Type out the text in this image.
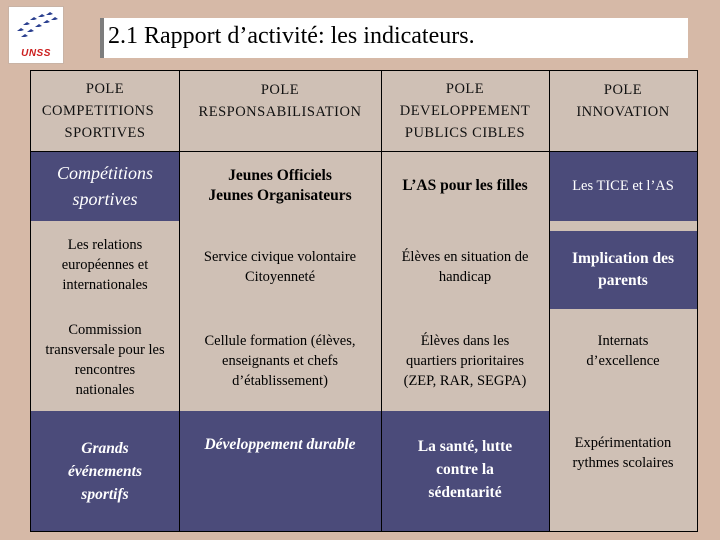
UNSS
2.1 Rapport d’activité: les indicateurs.
POLE
COMPETITIONS
SPORTIVES
POLE
RESPONSABILISATION
POLE
DEVELOPPEMENT
PUBLICS CIBLES
POLE
INNOVATION
Compétitions
sportives
Jeunes Officiels
Jeunes Organisateurs
L’AS pour les filles	Les TICE et l’AS
Les relations
européennes et
internationales
Service civique volontaire
Citoyenneté
Élèves en situation de
handicap
Implication des
parents
Commission
transversale pour les
rencontres
nationales
Cellule formation (élèves,
enseignants et chefs
d’établissement)
Élèves dans les
quartiers prioritaires
(ZEP, RAR, SEGPA)
Internats
d’excellence
Grands
événements
sportifs
Développement durable	La santé, lutte
contre la
sédentarité
Expérimentation
rythmes scolaires
